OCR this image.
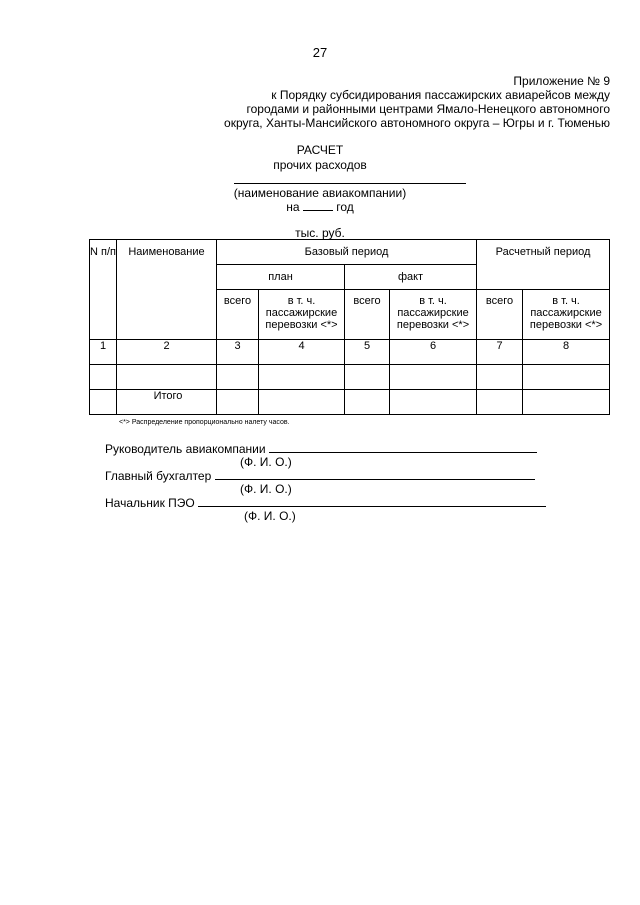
27
Приложение № 9
к Порядку субсидирования пассажирских авиарейсов между
городами и районными центрами Ямало-Ненецкого автономного
округа, Ханты-Мансийского автономного округа – Югры и г. Тюменью
РАСЧЕТ
прочих расходов
(наименование авиакомпании)
на	год
тыс. руб.
N п/п	Наименование	Базовый период				Расчетный период	
		план		факт			
		всего	в т. ч. пассажирские перевозки <*>	всего	в т. ч. пассажирские перевозки <*>	всего	в т. ч. пассажирские перевозки <*>
1	2	3	4	5	6	7	8

	Итого						
<*> Распределение пропорционально налету часов.
Руководитель авиакомпании
(Ф. И. О.)
Главный бухгалтер
(Ф. И. О.)
Начальник ПЭО
(Ф. И. О.)
